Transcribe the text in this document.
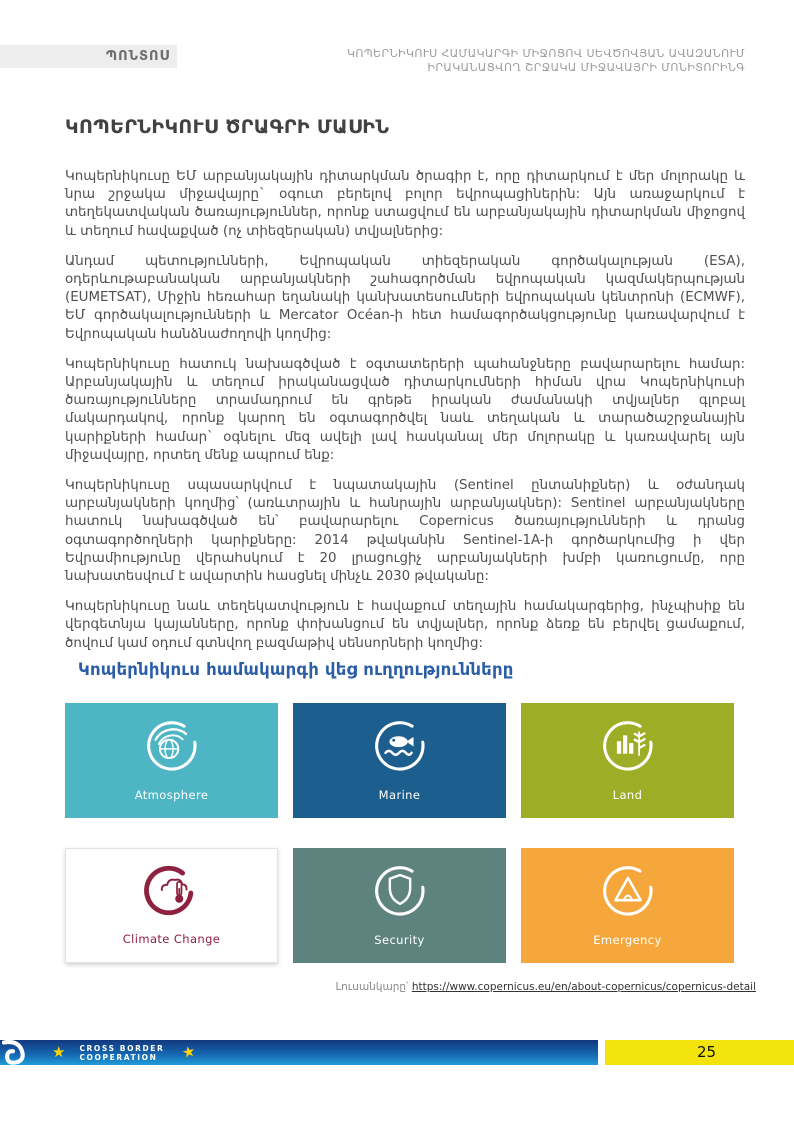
ՊՈՆՏՈՍ	ԿՈՊԵՐՆԻԿՈՒՍ ՀԱՄԱԿԱՐԳԻ ՄԻՋՈՑՈՎ ՍԵՎԾՈՎՅԱՆ ԱՎԱԶԱՆՈՒՄ
ԻՐԱԿԱՆԱՑՎՈՂ ՇՐՋԱԿԱ ՄԻՋԱՎԱՅՐԻ ՄՈՆԻՏՈՐԻՆԳ
ԿՈՊԵՐՆԻԿՈՒՍ ԾՐԱԳՐԻ ՄԱՍԻՆ

Կոպերնիկուսը ԵՄ արբանյակային դիտարկման ծրագիր է, որը դիտարկում է մեր մոլորակը և նրա շրջակա միջավայրը` օգուտ բերելով բոլոր եվրոպացիներին: Այն առաջարկում է տեղեկատվական ծառայություններ, որոնք ստացվում են արբանյակային դիտարկման միջոցով և տեղում հավաքված (ոչ տիեզերական) տվյալներից:

Անդամ պետությունների, Եվրոպական տիեզերական գործակալության (ESA), օդերևութաբանական արբանյակների շահագործման եվրոպական կազմակերպության (EUMETSAT), Միջին հեռահար եղանակի կանխատեսումների եվրոպական կենտրոնի (ECMWF), ԵՄ գործակալությունների և Mercator Océan-ի հետ համագործակցությունը կառավարվում է Եվրոպական հանձնաժողովի կողմից:

Կոպերնիկուսը հատուկ նախագծված է օգտատերերի պահանջները բավարարելու համար: Արբանյակային և տեղում իրականացված դիտարկումների հիման վրա Կոպերնիկուսի ծառայությունները տրամադրում են գրեթե իրական ժամանակի տվյալներ գլոբալ մակարդակով, որոնք կարող են օգտագործվել նաև տեղական և տարածաշրջանային կարիքների համար` օգնելու մեզ ավելի լավ հասկանալ մեր մոլորակը և կառավարել այն միջավայրը, որտեղ մենք ապրում ենք:

Կոպերնիկուսը սպասարկվում է նպատակային (Sentinel ընտանիքներ) և օժանդակ արբանյակների կողմից՝ (առևտրային և հանրային արբանյակներ): Sentinel արբանյակները հատուկ նախագծված են՝ բավարարելու Copernicus ծառայությունների և դրանց օգտագործողների կարիքները: 2014 թվականին Sentinel-1A-ի գործարկումից ի վեր Եվրամիությունը վերահսկում է 20 լրացուցիչ արբանյակների խմբի կառուցումը, որը նախատեսվում է ավարտին հասցնել մինչև 2030 թվականը:

Կոպերնիկուսը նաև տեղեկատվություն է հավաքում տեղային համակարգերից, ինչպիսիք են վերգետնյա կայանները, որոնք փոխանցում են տվյալներ, որոնք ձեռք են բերվել ցամաքում, ծովում կամ օդում գտնվող բազմաթիվ սենսորների կողմից:

Կոպերնիկուս համակարգի վեց ուղղությունները
Atmosphere	Marine	Land
Climate Change	Security	Emergency
Լուսանկարը՝ https://www.copernicus.eu/en/about-copernicus/copernicus-detail
★ CROSS BORDER
COOPERATION	★	25
